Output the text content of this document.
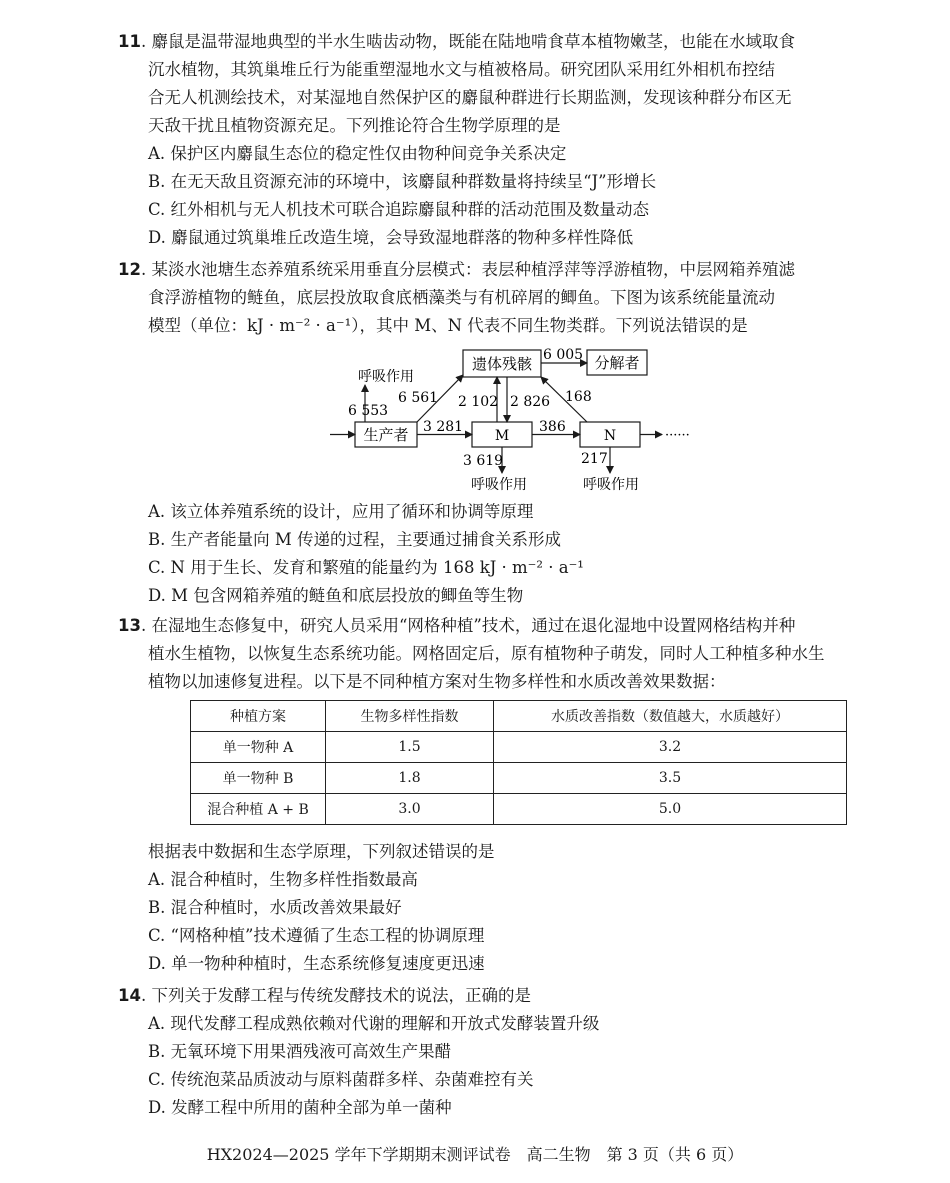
11. 麝鼠是温带湿地典型的半水生啮齿动物，既能在陆地啃食草本植物嫩茎，也能在水域取食
沉水植物，其筑巢堆丘行为能重塑湿地水文与植被格局。研究团队采用红外相机布控结
合无人机测绘技术，对某湿地自然保护区的麝鼠种群进行长期监测，发现该种群分布区无
天敌干扰且植物资源充足。下列推论符合生物学原理的是
A. 保护区内麝鼠生态位的稳定性仅由物种间竞争关系决定
B. 在无天敌且资源充沛的环境中，该麝鼠种群数量将持续呈“J”形增长
C. 红外相机与无人机技术可联合追踪麝鼠种群的活动范围及数量动态
D. 麝鼠通过筑巢堆丘改造生境，会导致湿地群落的物种多样性降低
12. 某淡水池塘生态养殖系统采用垂直分层模式：表层种植浮萍等浮游植物，中层网箱养殖滤
食浮游植物的鲢鱼，底层投放取食底栖藻类与有机碎屑的鲫鱼。下图为该系统能量流动
模型（单位：kJ · m⁻² · a⁻¹），其中 M、N 代表不同生物类群。下列说法错误的是
生产者
遗体残骸	分解者
M	N
呼吸作用
6 553
6 561
3 281
2 102 2 826
6 005
386
168
3 619	217
呼吸作用	呼吸作用
······
A. 该立体养殖系统的设计，应用了循环和协调等原理
B. 生产者能量向 M 传递的过程，主要通过捕食关系形成
C. N 用于生长、发育和繁殖的能量约为 168 kJ · m⁻² · a⁻¹
D. M 包含网箱养殖的鲢鱼和底层投放的鲫鱼等生物
13. 在湿地生态修复中，研究人员采用“网格种植”技术，通过在退化湿地中设置网格结构并种
植水生植物，以恢复生态系统功能。网格固定后，原有植物种子萌发，同时人工种植多种水生
植物以加速修复进程。以下是不同种植方案对生物多样性和水质改善效果数据：
种植方案	生物多样性指数	水质改善指数（数值越大，水质越好）
单一物种 A	1.5	3.2
单一物种 B	1.8	3.5
混合种植 A + B	3.0	5.0
根据表中数据和生态学原理，下列叙述错误的是
A. 混合种植时，生物多样性指数最高
B. 混合种植时，水质改善效果最好
C. “网格种植”技术遵循了生态工程的协调原理
D. 单一物种种植时，生态系统修复速度更迅速
14. 下列关于发酵工程与传统发酵技术的说法，正确的是
A. 现代发酵工程成熟依赖对代谢的理解和开放式发酵装置升级
B. 无氧环境下用果酒残液可高效生产果醋
C. 传统泡菜品质波动与原料菌群多样、杂菌难控有关
D. 发酵工程中所用的菌种全部为单一菌种
HX2024—2025 学年下学期期末测评试卷　高二生物　第 3 页（共 6 页）
